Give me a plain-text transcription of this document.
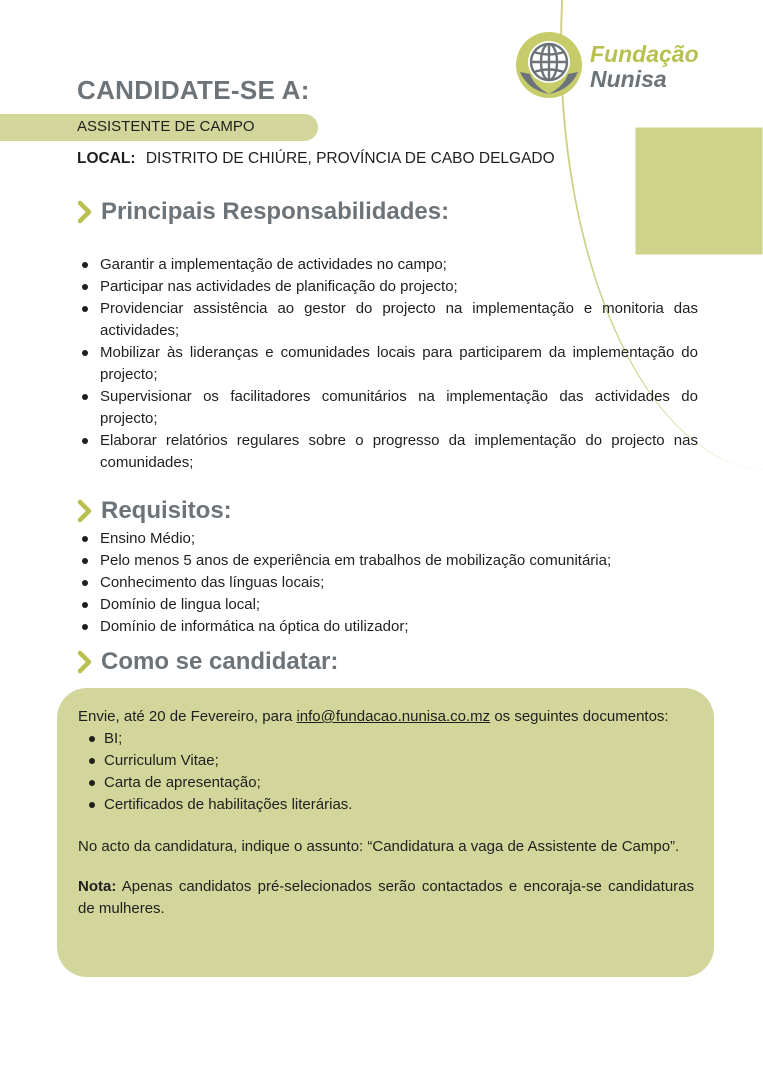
Fundação
Nunisa
CANDIDATE-SE A:
ASSISTENTE DE CAMPO
LOCAL: DISTRITO DE CHIÚRE, PROVÍNCIA DE CABO DELGADO
Principais Responsabilidades:
Garantir a implementação de actividades no campo;
Participar nas actividades de planificação do projecto;
Providenciar assistência ao gestor do projecto na implementação e monitoria das actividades;
Mobilizar às lideranças e comunidades locais para participarem da implementação do projecto;
Supervisionar os facilitadores comunitários na implementação das actividades do projecto;
Elaborar relatórios regulares sobre o progresso da implementação do projecto nas comunidades;
Requisitos:
Ensino Médio;
Pelo menos 5 anos de experiência em trabalhos de mobilização comunitária;
Conhecimento das línguas locais;
Domínio de lingua local;
Domínio de informática na óptica do utilizador;
Como se candidatar:

Envie, até 20 de Fevereiro, para info@fundacao.nunisa.co.mz os seguintes documentos:

BI;
Curriculum Vitae;
Carta de apresentação;
Certificados de habilitações literárias.

No acto da candidatura, indique o assunto: “Candidatura a vaga de Assistente de Campo”.

Nota: Apenas candidatos pré-selecionados serão contactados e encoraja-se candidaturas de mulheres.
